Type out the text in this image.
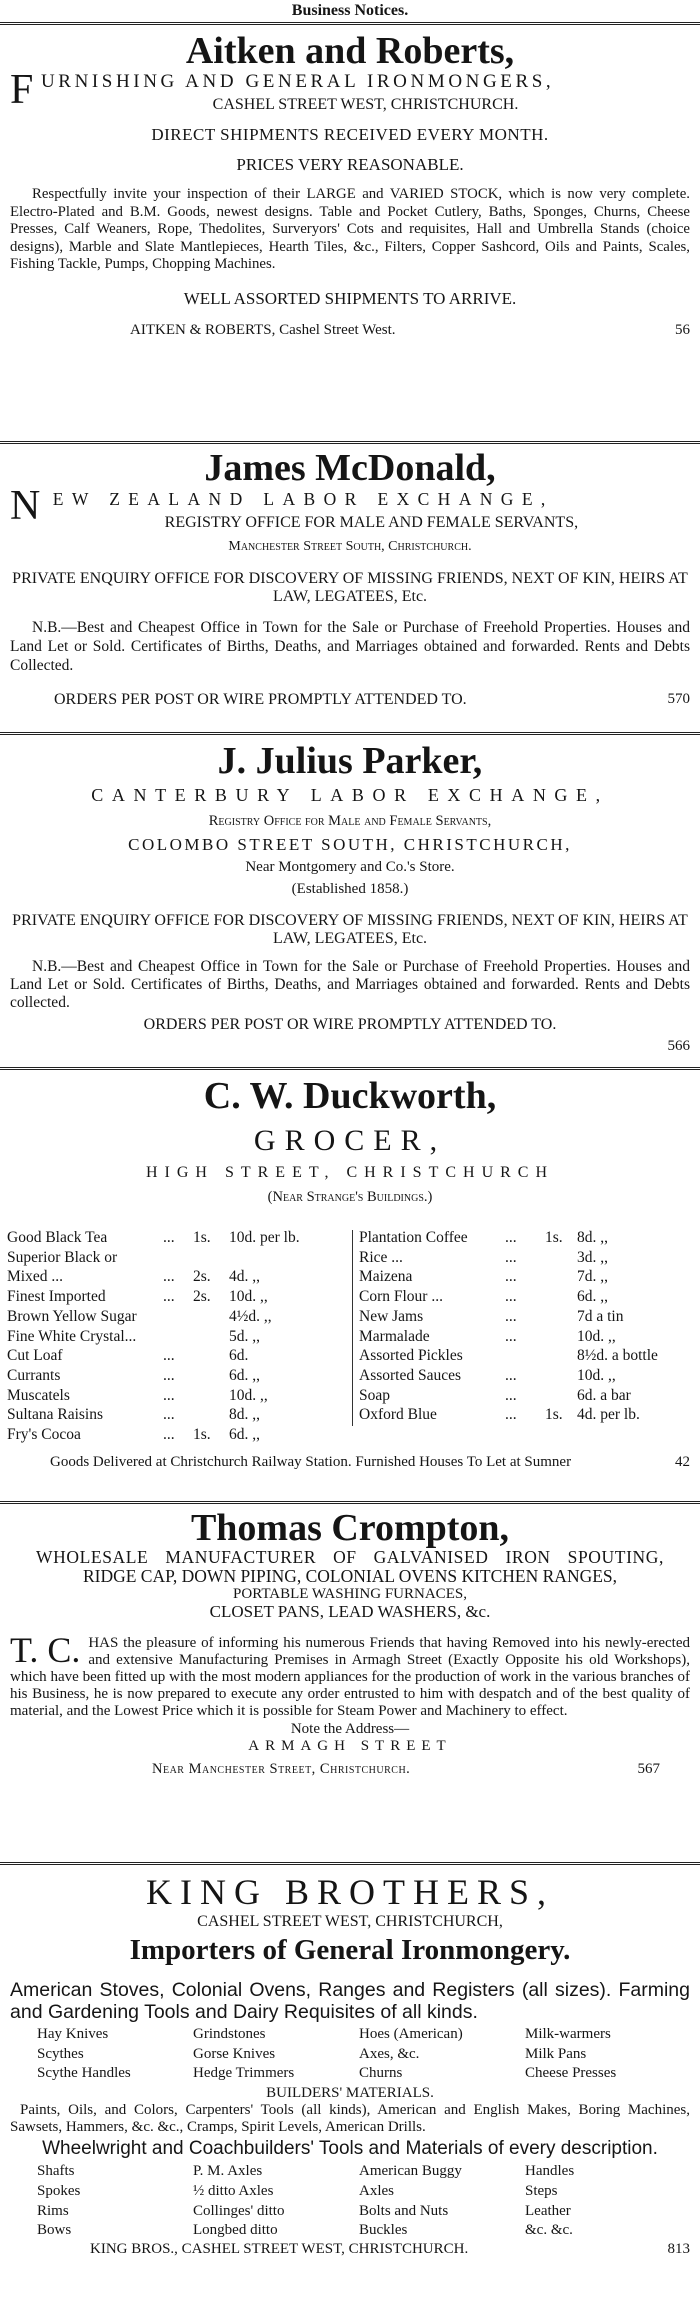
Business Notices.
Aitken and Roberts,
FURNISHING AND GENERAL IRONMONGERS,
CASHEL STREET WEST, CHRISTCHURCH.
DIRECT SHIPMENTS RECEIVED EVERY MONTH.
PRICES VERY REASONABLE.
Respectfully invite your inspection of their LARGE and VARIED STOCK, which is now very complete. Electro-Plated and B.M. Goods, newest designs. Table and Pocket Cutlery, Baths, Sponges, Churns, Cheese Presses, Calf Weaners, Rope, Thedolites, Surveryors' Cots and requisites, Hall and Umbrella Stands (choice designs), Marble and Slate Mantlepieces, Hearth Tiles, &c., Filters, Copper Sashcord, Oils and Paints, Scales, Fishing Tackle, Pumps, Chopping Machines.
WELL ASSORTED SHIPMENTS TO ARRIVE.
AITKEN & ROBERTS, Cashel Street West.	56
James McDonald,
NEW ZEALAND LABOR EXCHANGE,
REGISTRY OFFICE FOR MALE AND FEMALE SERVANTS,
Manchester Street South, Christchurch.
PRIVATE ENQUIRY OFFICE FOR DISCOVERY OF MISSING FRIENDS, NEXT OF KIN, HEIRS AT LAW, LEGATEES, Etc.
N.B.—Best and Cheapest Office in Town for the Sale or Purchase of Freehold Properties. Houses and Land Let or Sold. Certificates of Births, Deaths, and Marriages obtained and forwarded. Rents and Debts Collected.
ORDERS PER POST OR WIRE PROMPTLY ATTENDED TO.	570
J. Julius Parker,
CANTERBURY LABOR EXCHANGE,
Registry Office for Male and Female Servants,
COLOMBO STREET SOUTH, CHRISTCHURCH,
Near Montgomery and Co.'s Store.
(Established 1858.)
PRIVATE ENQUIRY OFFICE FOR DISCOVERY OF MISSING FRIENDS, NEXT OF KIN, HEIRS AT LAW, LEGATEES, Etc.
N.B.—Best and Cheapest Office in Town for the Sale or Purchase of Freehold Properties. Houses and Land Let or Sold. Certificates of Births, Deaths, and Marriages obtained and forwarded. Rents and Debts collected.
ORDERS PER POST OR WIRE PROMPTLY ATTENDED TO.
566
C. W. Duckworth,
GROCER,
HIGH STREET, CHRISTCHURCH
(Near Strange's Buildings.)
Good Black Tea	...	1s.	10d. per lb.
Superior Black or			
Mixed ...	...	2s.	4d. ,,
Finest Imported	...	2s.	10d. ,,
Brown Yellow Sugar			4½d. ,,
Fine White Crystal...			5d. ,,
Cut Loaf	...		6d.
Currants	...		6d. ,,
Muscatels	...		10d. ,,
Sultana Raisins	...		8d. ,,
Fry's Cocoa	...	1s.	6d. ,,
Plantation Coffee	...	1s.	8d. ,,
Rice ...	...		3d. ,,
Maizena	...		7d. ,,
Corn Flour ...	...		6d. ,,
New Jams	...		7d a tin
Marmalade	...		10d. ,,
Assorted Pickles			8½d. a bottle
Assorted Sauces	...		10d. ,,
Soap	...		6d. a bar
Oxford Blue	...	1s.	4d. per lb.
Goods Delivered at Christchurch Railway Station. Furnished Houses To Let at Sumner	42
Thomas Crompton,
WHOLESALE MANUFACTURER OF GALVANISED IRON SPOUTING,
RIDGE CAP, DOWN PIPING, COLONIAL OVENS KITCHEN RANGES,
PORTABLE WASHING FURNACES,
CLOSET PANS, LEAD WASHERS, &c.
T. C. HAS the pleasure of informing his numerous Friends that having Removed into his newly-erected and extensive Manufacturing Premises in Armagh Street (Exactly Opposite his old Workshops), which have been fitted up with the most modern appliances for the production of work in the various branches of his Business, he is now prepared to execute any order entrusted to him with despatch and of the best quality of material, and the Lowest Price which it is possible for Steam Power and Machinery to effect.
Note the Address—
ARMAGH STREET
Near Manchester Street, Christchurch.	567
KING BROTHERS,
CASHEL STREET WEST, CHRISTCHURCH,
Importers of General Ironmongery.
American Stoves, Colonial Ovens, Ranges and Registers (all sizes). Farming and Gardening Tools and Dairy Requisites of all kinds.
Hay Knives	Grindstones	Hoes (American)	Milk-warmers
Scythes	Gorse Knives	Axes, &c.	Milk Pans
Scythe Handles	Hedge Trimmers	Churns	Cheese Presses
BUILDERS' MATERIALS.
Paints, Oils, and Colors, Carpenters' Tools (all kinds), American and English Makes, Boring Machines, Sawsets, Hammers, &c. &c., Cramps, Spirit Levels, American Drills.
Wheelwright and Coachbuilders' Tools and Materials of every description.
Shafts	P. M. Axles	American Buggy	Handles
Spokes	½ ditto Axles	Axles	Steps
Rims	Collinges' ditto	Bolts and Nuts	Leather
Bows	Longbed ditto	Buckles	&c. &c.
KING BROS., CASHEL STREET WEST, CHRISTCHURCH.	813
